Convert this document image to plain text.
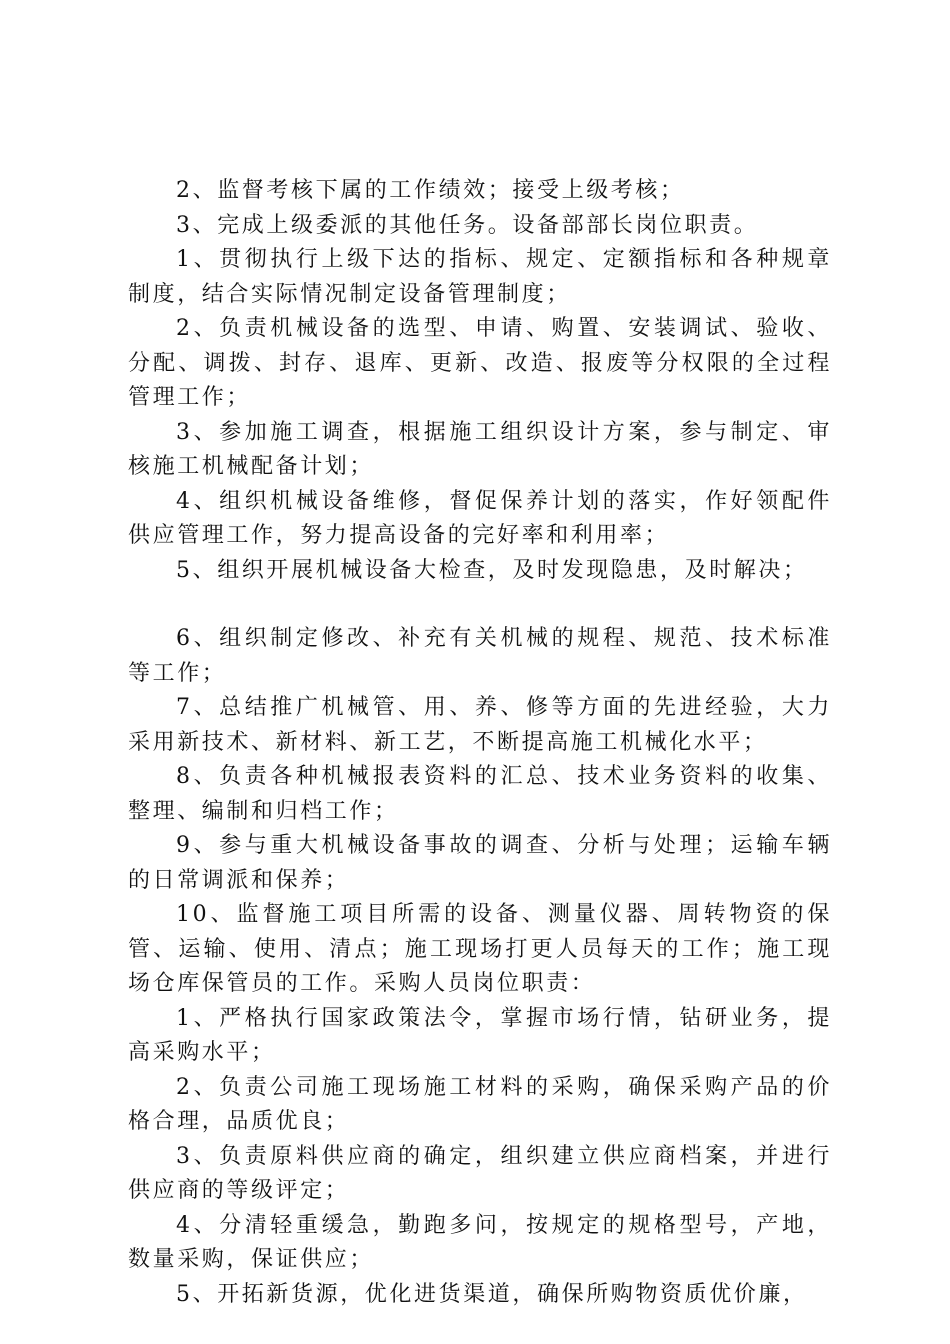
2、监督考核下属的工作绩效；接受上级考核；

3、完成上级委派的其他任务。设备部部长岗位职责。

1、贯彻执行上级下达的指标、规定、定额指标和各种规章制度，结合实际情况制定设备管理制度；

2、负责机械设备的选型、申请、购置、安装调试、验收、分配、调拨、封存、退库、更新、改造、报废等分权限的全过程管理工作；

3、参加施工调查，根据施工组织设计方案，参与制定、审核施工机械配备计划；

4、组织机械设备维修，督促保养计划的落实，作好领配件供应管理工作，努力提高设备的完好率和利用率；

5、组织开展机械设备大检查，及时发现隐患，及时解决；

6、组织制定修改、补充有关机械的规程、规范、技术标准等工作；

7、总结推广机械管、用、养、修等方面的先进经验，大力采用新技术、新材料、新工艺，不断提高施工机械化水平；

8、负责各种机械报表资料的汇总、技术业务资料的收集、整理、编制和归档工作；

9、参与重大机械设备事故的调查、分析与处理；运输车辆的日常调派和保养；

10、监督施工项目所需的设备、测量仪器、周转物资的保管、运输、使用、清点；施工现场打更人员每天的工作；施工现场仓库保管员的工作。采购人员岗位职责：

1、严格执行国家政策法令，掌握市场行情，钻研业务，提高采购水平；

2、负责公司施工现场施工材料的采购，确保采购产品的价格合理，品质优良；

3、负责原料供应商的确定，组织建立供应商档案，并进行供应商的等级评定；

4、分清轻重缓急，勤跑多问，按规定的规格型号，产地，数量采购，保证供应；

5、开拓新货源，优化进货渠道，确保所购物资质优价廉，
